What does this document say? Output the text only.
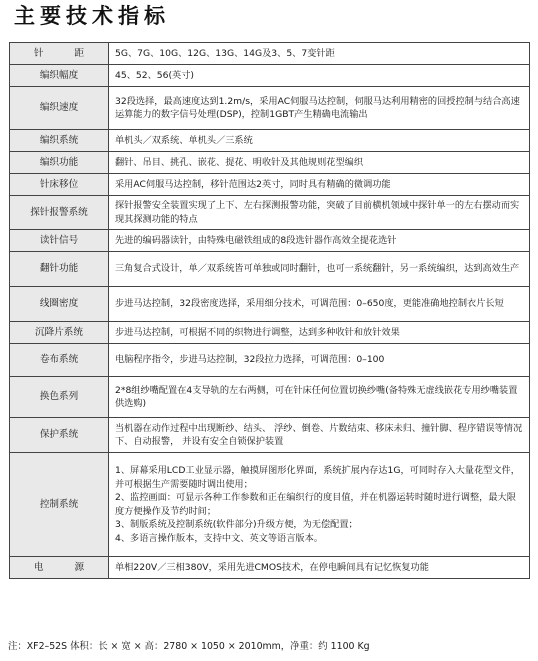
主要技术指标
针 距	5G、7G、10G、12G、13G、14G及3、5、7变针距
编织幅度	45、52、56(英寸)
编织速度	32段选择，最高速度达到1.2m/s，采用AC伺服马达控制，伺服马达利用精密的回授控制与结合高速运算能力的数字信号处理(DSP)，控制1GBT产生精确电流输出
编织系统	单机头／双系统、单机头／三系统
编织功能	翻针、吊目、挑孔、嵌花、提花、明收针及其他规则花型编织
针床移位	采用AC伺服马达控制，移针范围达2英寸，同时具有精确的微调功能
探针报警系统	探针报警安全装置实现了上下、左右探测报警功能，突破了目前横机领域中探针单一的左右摆动而实现其探测功能的特点
读针信号	先进的编码器读针，由特殊电磁铁组成的8段选针器作高效全提花选针
翻针功能	三角复合式设计，单／双系统皆可单独或同时翻针，也可一系统翻针，另一系统编织，达到高效生产
线圈密度	步进马达控制，32段密度选择，采用细分技术，可调范围：0–650度，更能准确地控制衣片长短
沉降片系统	步进马达控制，可根据不同的织物进行调整，达到多种收针和放针效果
卷布系统	电脑程序指令，步进马达控制，32段拉力选择，可调范围：0–100
换色系列	2*8组纱嘴配置在4支导轨的左右两侧，可在针床任何位置切换纱嘴(备特殊无虚线嵌花专用纱嘴装置供选购)
保护系统	当机器在动作过程中出现断纱、结头、 浮纱、倒卷、片数结束、移床未归、撞针脚、程序错误等情况下、自动报警， 并设有安全自锁保护装置
控制系统	1、屏幕采用LCD工业显示器，触摸屏图形化界面，系统扩展内存达1G，可同时存入大量花型文件，并可根据生产需要随时调出使用；
2、监控画面：可显示各种工作参数和正在编织行的度目值，并在机器运转时随时进行调整，最大限度方便操作及节约时间；
3、制版系统及控制系统(软件部分)升级方便，为无偿配置；
4、多语言操作版本，支持中文、英文等语言版本。

电 源	单相220V／三相380V，采用先进CMOS技术，在停电瞬间具有记忆恢复功能
注：XF2–52S 体积：长 × 宽 × 高：2780 × 1050 × 2010mm，净重：约 1100 Kg
